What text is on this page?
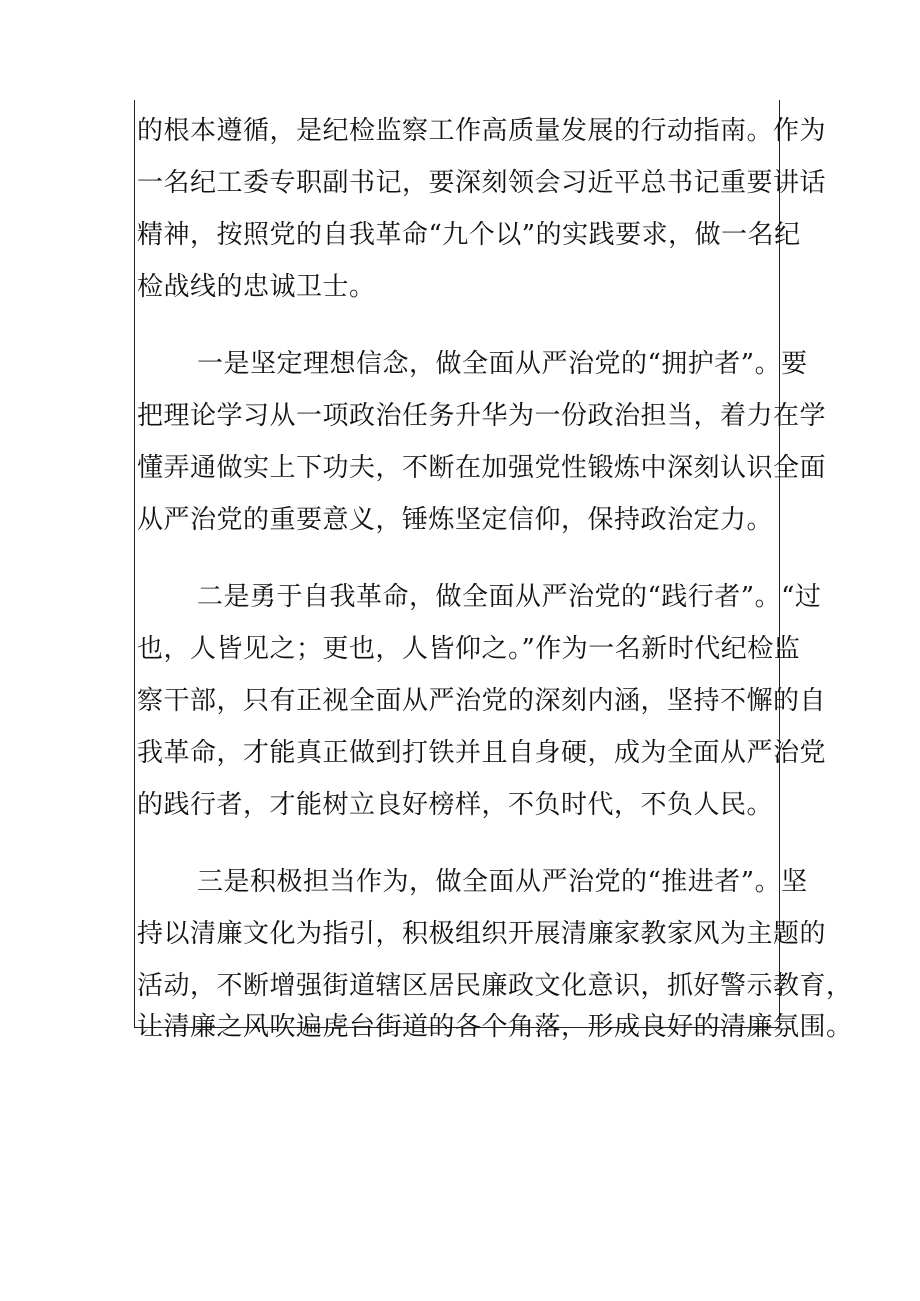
的根本遵循，是纪检监察工作高质量发展的行动指南。作为
一名纪工委专职副书记，要深刻领会习近平总书记重要讲话
精神，按照党的自我革命“九个以”的实践要求，做一名纪
检战线的忠诚卫士。
一是坚定理想信念，做全面从严治党的“拥护者”。要
把理论学习从一项政治任务升华为一份政治担当，着力在学
懂弄通做实上下功夫，不断在加强党性锻炼中深刻认识全面
从严治党的重要意义，锤炼坚定信仰，保持政治定力。
二是勇于自我革命，做全面从严治党的“践行者”。“过
也，人皆见之；更也，人皆仰之。”作为一名新时代纪检监
察干部，只有正视全面从严治党的深刻内涵，坚持不懈的自
我革命，才能真正做到打铁并且自身硬，成为全面从严治党
的践行者，才能树立良好榜样，不负时代，不负人民。
三是积极担当作为，做全面从严治党的“推进者”。坚
持以清廉文化为指引，积极组织开展清廉家教家风为主题的
活动，不断增强街道辖区居民廉政文化意识，抓好警示教育，
让清廉之风吹遍虎台街道的各个角落，形成良好的清廉氛围。
